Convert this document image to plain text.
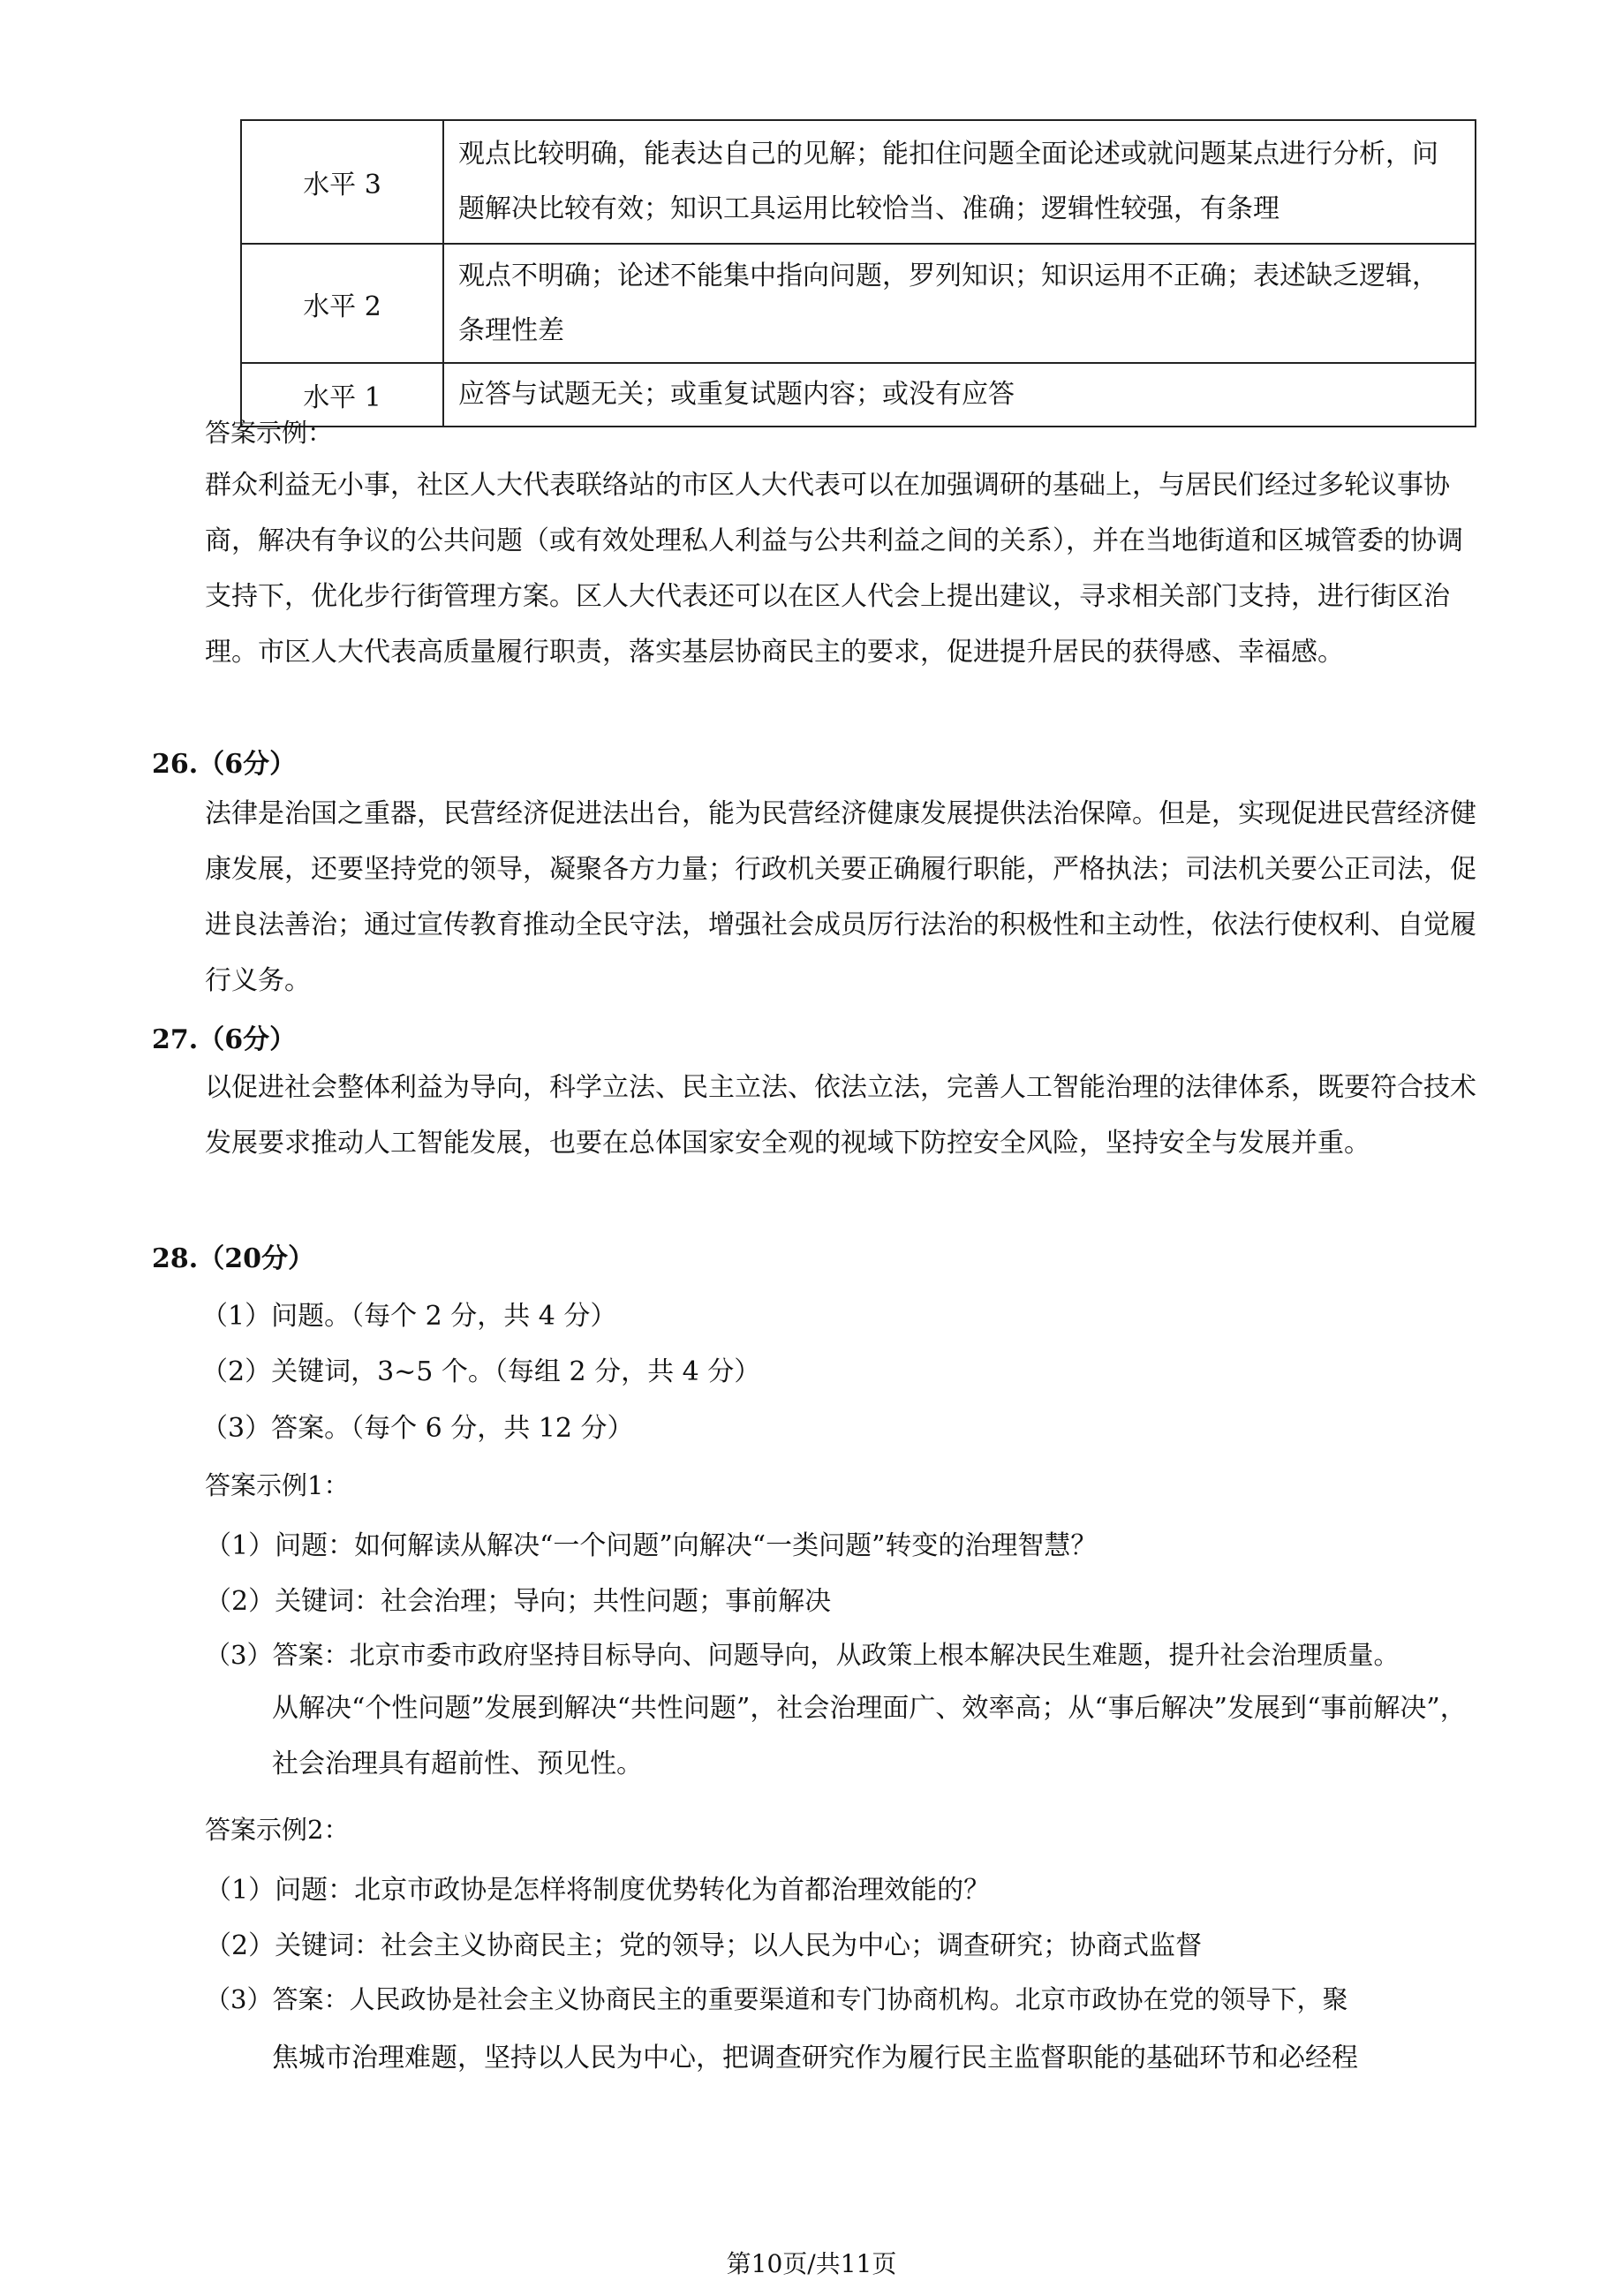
水平 3	观点比较明确，能表达自己的见解；能扣住问题全面论述或就问题某点进行分析，问题解决比较有效；知识工具运用比较恰当、准确；逻辑性较强，有条理
水平 2	观点不明确；论述不能集中指向问题，罗列知识；知识运用不正确；表述缺乏逻辑，条理性差
水平 1	应答与试题无关；或重复试题内容；或没有应答
答案示例：
群众利益无小事，社区人大代表联络站的市区人大代表可以在加强调研的基础上，与居民们经过多轮议事协商，解决有争议的公共问题（或有效处理私人利益与公共利益之间的关系），并在当地街道和区城管委的协调支持下，优化步行街管理方案。区人大代表还可以在区人代会上提出建议，寻求相关部门支持，进行街区治理。市区人大代表高质量履行职责，落实基层协商民主的要求，促进提升居民的获得感、幸福感。
26.（6分）
法律是治国之重器，民营经济促进法出台，能为民营经济健康发展提供法治保障。但是，实现促进民营经济健康发展，还要坚持党的领导，凝聚各方力量；行政机关要正确履行职能，严格执法；司法机关要公正司法，促进良法善治；通过宣传教育推动全民守法，增强社会成员厉行法治的积极性和主动性，依法行使权利、自觉履行义务。
27.（6分）
以促进社会整体利益为导向，科学立法、民主立法、依法立法，完善人工智能治理的法律体系，既要符合技术发展要求推动人工智能发展，也要在总体国家安全观的视域下防控安全风险，坚持安全与发展并重。
28.（20分）
（1）问题。（每个 2 分，共 4 分）
（2）关键词，3~5 个。（每组 2 分，共 4 分）
（3）答案。（每个 6 分，共 12 分）
答案示例1：
（1）问题：如何解读从解决“一个问题”向解决“一类问题”转变的治理智慧？
（2）关键词：社会治理；导向；共性问题；事前解决
（3）答案：北京市委市政府坚持目标导向、问题导向，从政策上根本解决民生难题，提升社会治理质量。
从解决“个性问题”发展到解决“共性问题”，社会治理面广、效率高；从“事后解决”发展到“事前解决”，社会治理具有超前性、预见性。
答案示例2：
（1）问题：北京市政协是怎样将制度优势转化为首都治理效能的？
（2）关键词：社会主义协商民主；党的领导；以人民为中心；调查研究；协商式监督
（3）答案：人民政协是社会主义协商民主的重要渠道和专门协商机构。北京市政协在党的领导下，聚
焦城市治理难题，坚持以人民为中心，把调查研究作为履行民主监督职能的基础环节和必经程
第10页/共11页
